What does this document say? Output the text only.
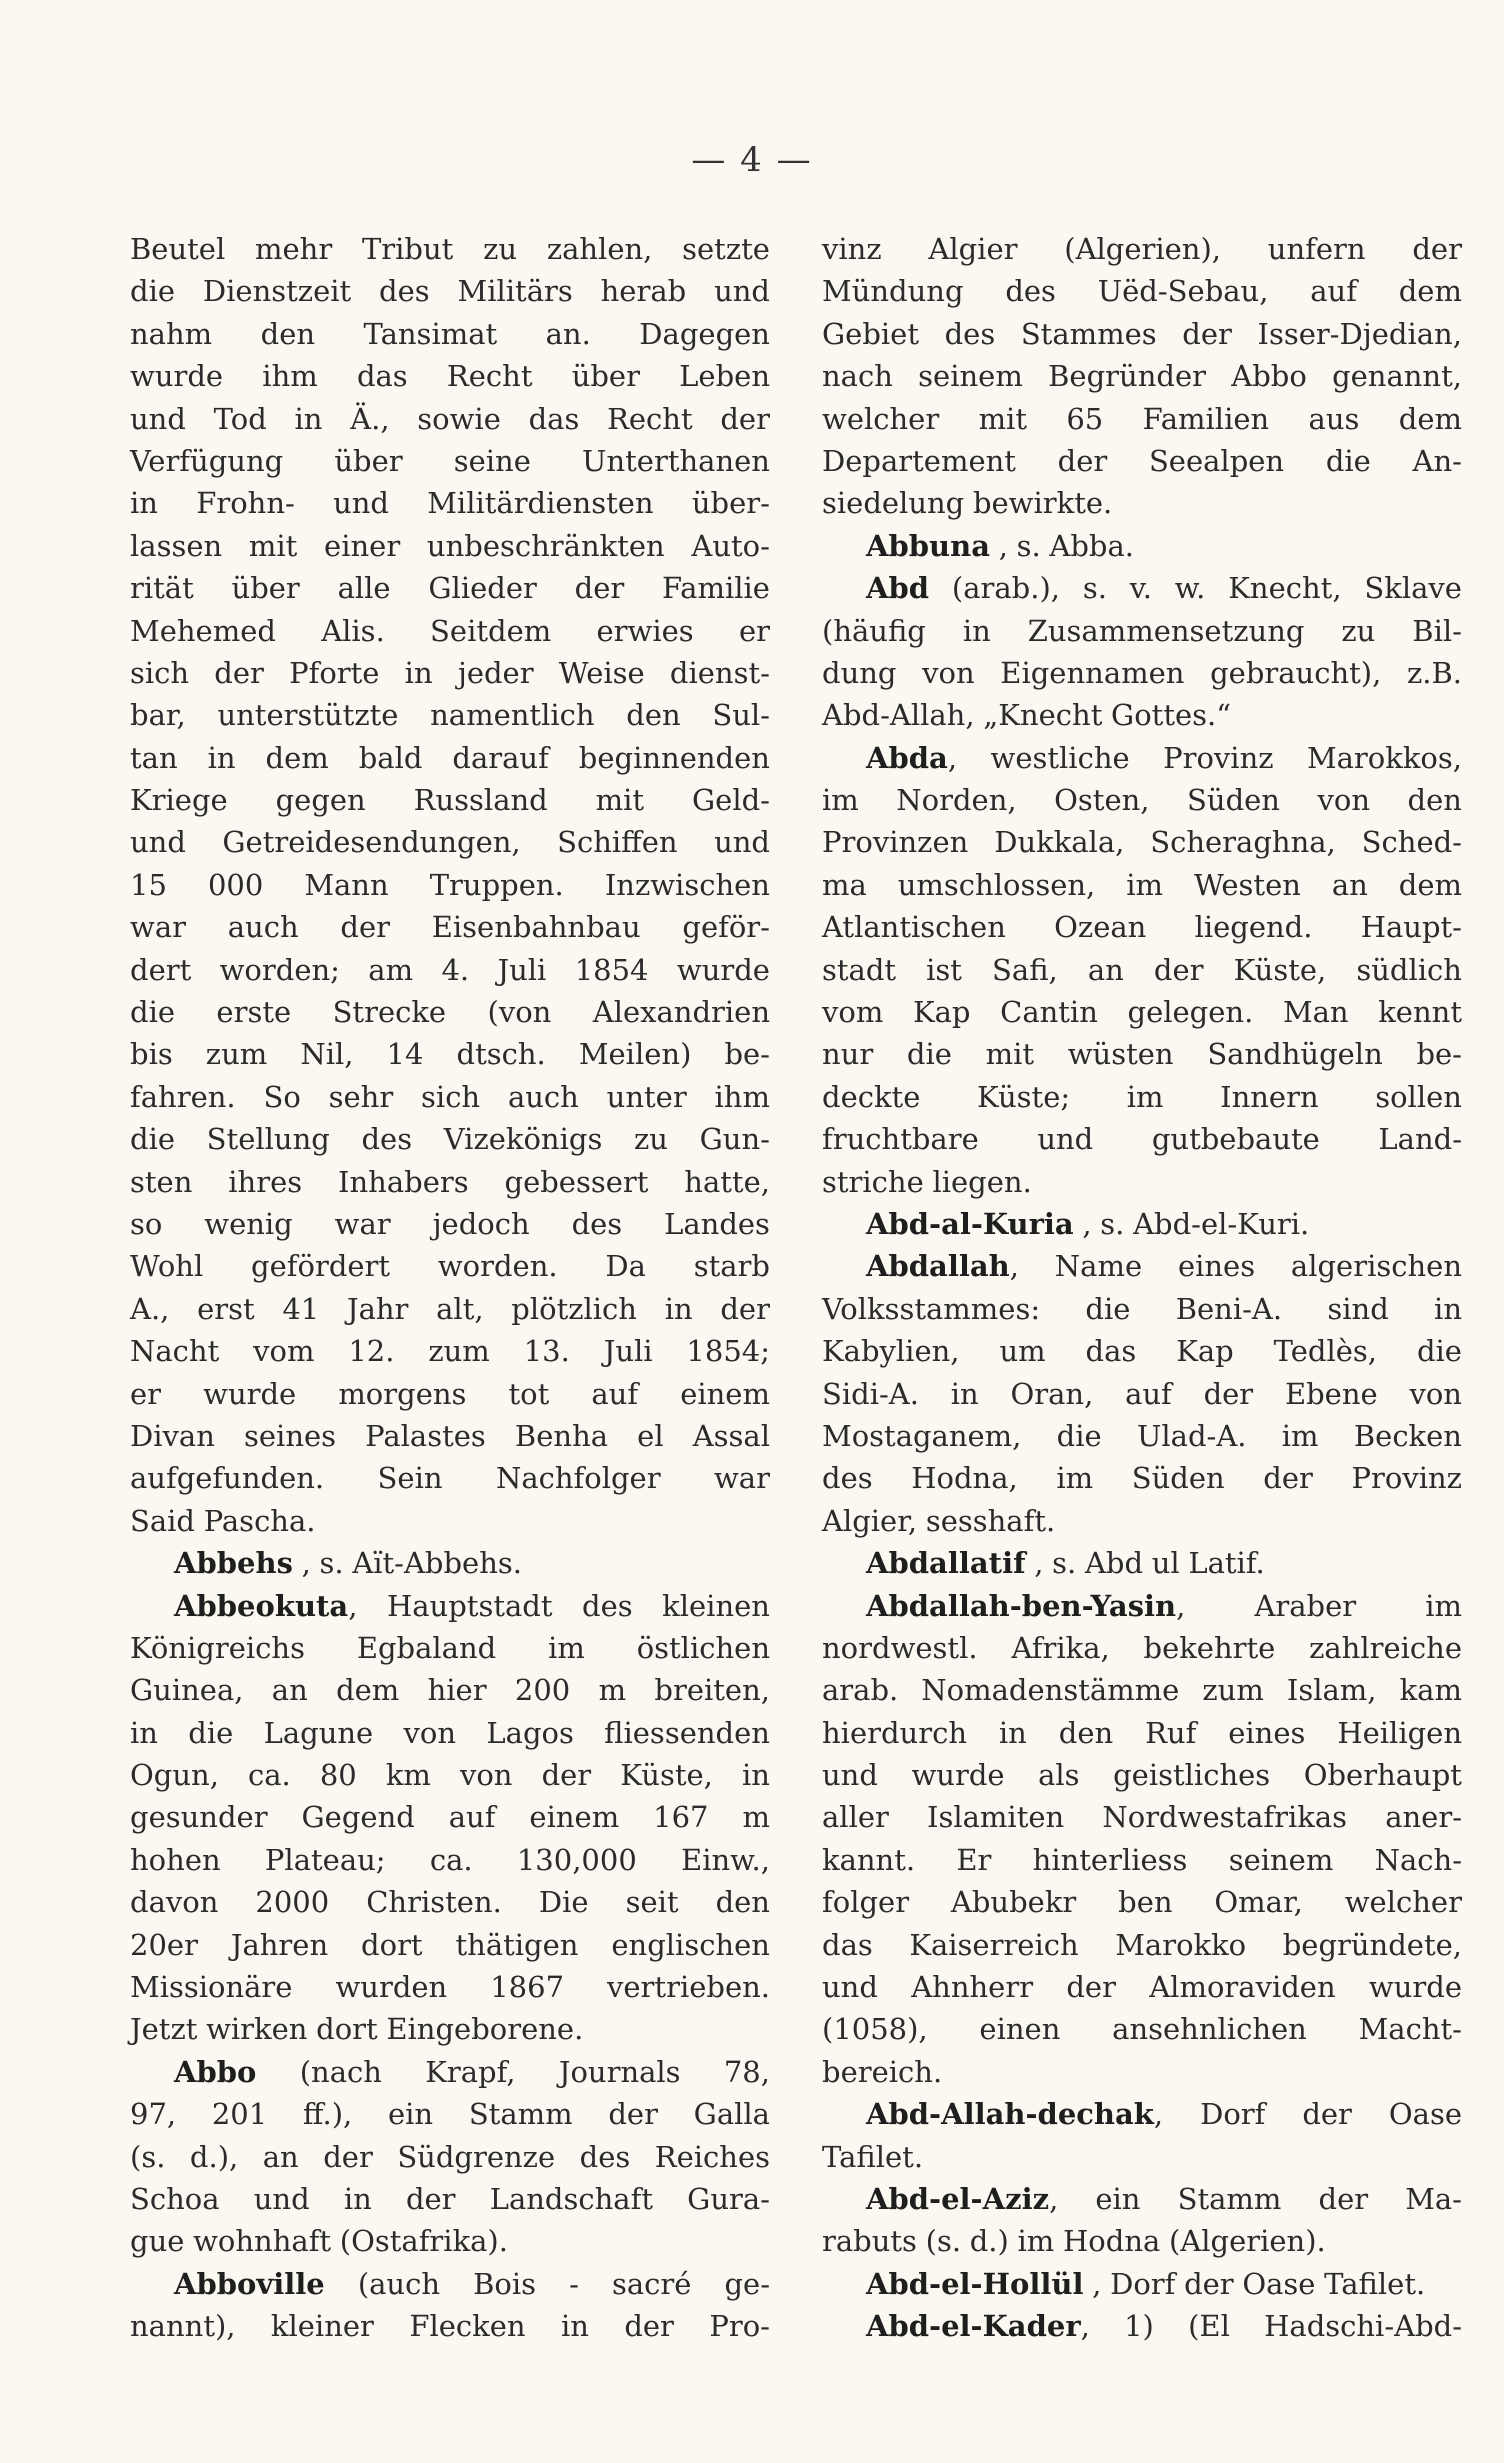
— 4 —
Beutel mehr Tribut zu zahlen, setzte
die Dienstzeit des Militärs herab und
nahm den Tansimat an. Dagegen
wurde ihm das Recht über Leben
und Tod in Ä., sowie das Recht der
Verfügung über seine Unterthanen
in Frohn- und Militärdiensten über-
lassen mit einer unbeschränkten Auto-
rität über alle Glieder der Familie
Mehemed Alis. Seitdem erwies er
sich der Pforte in jeder Weise dienst-
bar, unterstützte namentlich den Sul-
tan in dem bald darauf beginnenden
Kriege gegen Russland mit Geld-
und Getreidesendungen, Schiffen und
15 000 Mann Truppen. Inzwischen
war auch der Eisenbahnbau geför-
dert worden; am 4. Juli 1854 wurde
die erste Strecke (von Alexandrien
bis zum Nil, 14 dtsch. Meilen) be-
fahren. So sehr sich auch unter ihm
die Stellung des Vizekönigs zu Gun-
sten ihres Inhabers gebessert hatte,
so wenig war jedoch des Landes
Wohl gefördert worden. Da starb
A., erst 41 Jahr alt, plötzlich in der
Nacht vom 12. zum 13. Juli 1854;
er wurde morgens tot auf einem
Divan seines Palastes Benha el Assal
aufgefunden. Sein Nachfolger war
Said Pascha.
Abbehs , s. Aït-Abbehs.
Abbeokuta, Hauptstadt des kleinen
Königreichs Egbaland im östlichen
Guinea, an dem hier 200 m breiten,
in die Lagune von Lagos fliessenden
Ogun, ca. 80 km von der Küste, in
gesunder Gegend auf einem 167 m
hohen Plateau; ca. 130,000 Einw.,
davon 2000 Christen. Die seit den
20er Jahren dort thätigen englischen
Missionäre wurden 1867 vertrieben.
Jetzt wirken dort Eingeborene.
Abbo (nach Krapf, Journals 78,
97, 201 ff.), ein Stamm der Galla
(s. d.), an der Südgrenze des Reiches
Schoa und in der Landschaft Gura-
gue wohnhaft (Ostafrika).
Abboville (auch Bois - sacré ge-
nannt), kleiner Flecken in der Pro-
vinz Algier (Algerien), unfern der
Mündung des Uëd-Sebau, auf dem
Gebiet des Stammes der Isser-Djedian,
nach seinem Begründer Abbo genannt,
welcher mit 65 Familien aus dem
Departement der Seealpen die An-
siedelung bewirkte.
Abbuna , s. Abba.
Abd (arab.), s. v. w. Knecht, Sklave
(häufig in Zusammensetzung zu Bil-
dung von Eigennamen gebraucht), z.B.
Abd-Allah, „Knecht Gottes.“
Abda, westliche Provinz Marokkos,
im Norden, Osten, Süden von den
Provinzen Dukkala, Scheraghna, Sched-
ma umschlossen, im Westen an dem
Atlantischen Ozean liegend. Haupt-
stadt ist Safi, an der Küste, südlich
vom Kap Cantin gelegen. Man kennt
nur die mit wüsten Sandhügeln be-
deckte Küste; im Innern sollen
fruchtbare und gutbebaute Land-
striche liegen.
Abd-al-Kuria , s. Abd-el-Kuri.
Abdallah, Name eines algerischen
Volksstammes: die Beni-A. sind in
Kabylien, um das Kap Tedlès, die
Sidi-A. in Oran, auf der Ebene von
Mostaganem, die Ulad-A. im Becken
des Hodna, im Süden der Provinz
Algier, sesshaft.
Abdallatif , s. Abd ul Latif.
Abdallah-ben-Yasin, Araber im
nordwestl. Afrika, bekehrte zahlreiche
arab. Nomadenstämme zum Islam, kam
hierdurch in den Ruf eines Heiligen
und wurde als geistliches Oberhaupt
aller Islamiten Nordwestafrikas aner-
kannt. Er hinterliess seinem Nach-
folger Abubekr ben Omar, welcher
das Kaiserreich Marokko begründete,
und Ahnherr der Almoraviden wurde
(1058), einen ansehnlichen Macht-
bereich.
Abd-Allah-dechak, Dorf der Oase
Tafilet.
Abd-el-Aziz, ein Stamm der Ma-
rabuts (s. d.) im Hodna (Algerien).
Abd-el-Hollül , Dorf der Oase Tafilet.
Abd-el-Kader, 1) (El Hadschi-Abd-
